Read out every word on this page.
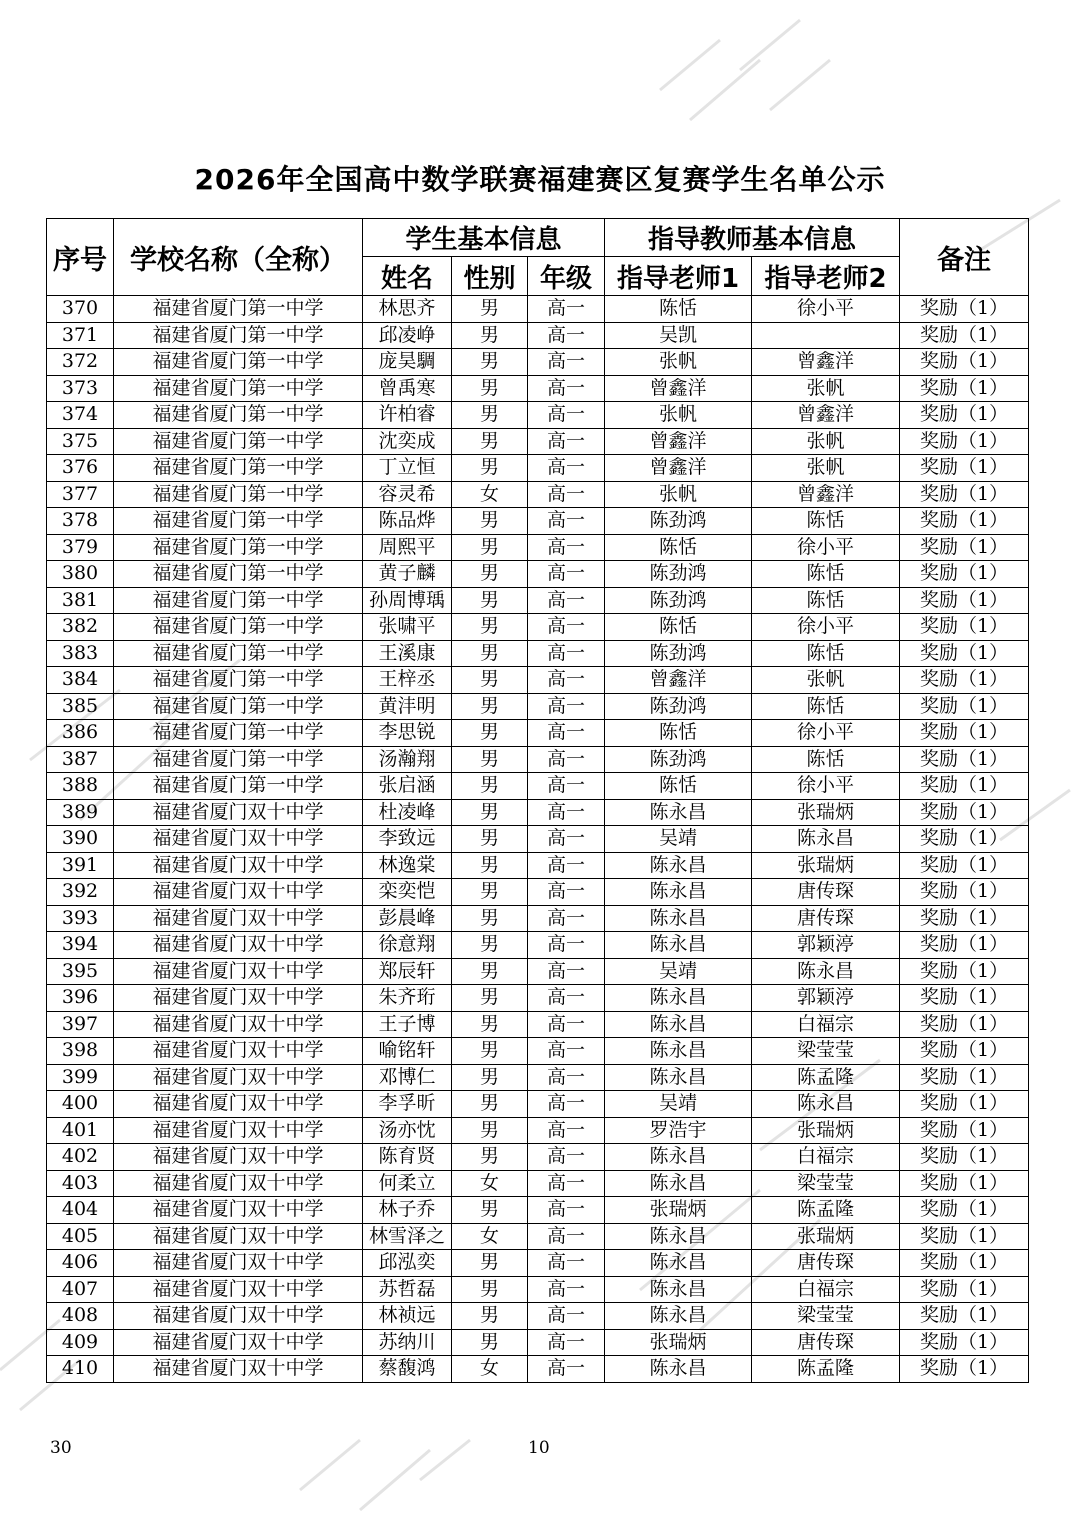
2026年全国高中数学联赛福建赛区复赛学生名单公示
序号	学校名称（全称）	学生基本信息			指导教师基本信息		备注
		姓名	性别	年级	指导老师1	指导老师2	
370	福建省厦门第一中学	林思齐	男	高一	陈恬	徐小平	奖励（1）
371	福建省厦门第一中学	邱凌峥	男	高一	吴凯		奖励（1）
372	福建省厦门第一中学	庞昊騆	男	高一	张帆	曾鑫洋	奖励（1）
373	福建省厦门第一中学	曾禹寒	男	高一	曾鑫洋	张帆	奖励（1）
374	福建省厦门第一中学	许柏睿	男	高一	张帆	曾鑫洋	奖励（1）
375	福建省厦门第一中学	沈奕成	男	高一	曾鑫洋	张帆	奖励（1）
376	福建省厦门第一中学	丁立恒	男	高一	曾鑫洋	张帆	奖励（1）
377	福建省厦门第一中学	容灵希	女	高一	张帆	曾鑫洋	奖励（1）
378	福建省厦门第一中学	陈品烨	男	高一	陈劲鸿	陈恬	奖励（1）
379	福建省厦门第一中学	周熙平	男	高一	陈恬	徐小平	奖励（1）
380	福建省厦门第一中学	黄子麟	男	高一	陈劲鸿	陈恬	奖励（1）
381	福建省厦门第一中学	孙周博瑀	男	高一	陈劲鸿	陈恬	奖励（1）
382	福建省厦门第一中学	张啸平	男	高一	陈恬	徐小平	奖励（1）
383	福建省厦门第一中学	王溪康	男	高一	陈劲鸿	陈恬	奖励（1）
384	福建省厦门第一中学	王梓丞	男	高一	曾鑫洋	张帆	奖励（1）
385	福建省厦门第一中学	黄沣明	男	高一	陈劲鸿	陈恬	奖励（1）
386	福建省厦门第一中学	李思锐	男	高一	陈恬	徐小平	奖励（1）
387	福建省厦门第一中学	汤瀚翔	男	高一	陈劲鸿	陈恬	奖励（1）
388	福建省厦门第一中学	张启涵	男	高一	陈恬	徐小平	奖励（1）
389	福建省厦门双十中学	杜凌峰	男	高一	陈永昌	张瑞炳	奖励（1）
390	福建省厦门双十中学	李致远	男	高一	吴靖	陈永昌	奖励（1）
391	福建省厦门双十中学	林逸棠	男	高一	陈永昌	张瑞炳	奖励（1）
392	福建省厦门双十中学	栾奕恺	男	高一	陈永昌	唐传琛	奖励（1）
393	福建省厦门双十中学	彭晨峰	男	高一	陈永昌	唐传琛	奖励（1）
394	福建省厦门双十中学	徐意翔	男	高一	陈永昌	郭颖渟	奖励（1）
395	福建省厦门双十中学	郑辰轩	男	高一	吴靖	陈永昌	奖励（1）
396	福建省厦门双十中学	朱齐珩	男	高一	陈永昌	郭颖渟	奖励（1）
397	福建省厦门双十中学	王子博	男	高一	陈永昌	白福宗	奖励（1）
398	福建省厦门双十中学	喻铭轩	男	高一	陈永昌	梁莹莹	奖励（1）
399	福建省厦门双十中学	邓博仁	男	高一	陈永昌	陈孟隆	奖励（1）
400	福建省厦门双十中学	李孚昕	男	高一	吴靖	陈永昌	奖励（1）
401	福建省厦门双十中学	汤亦忱	男	高一	罗浩宇	张瑞炳	奖励（1）
402	福建省厦门双十中学	陈育贤	男	高一	陈永昌	白福宗	奖励（1）
403	福建省厦门双十中学	何柔立	女	高一	陈永昌	梁莹莹	奖励（1）
404	福建省厦门双十中学	林子乔	男	高一	张瑞炳	陈孟隆	奖励（1）
405	福建省厦门双十中学	林雪泽之	女	高一	陈永昌	张瑞炳	奖励（1）
406	福建省厦门双十中学	邱泓奕	男	高一	陈永昌	唐传琛	奖励（1）
407	福建省厦门双十中学	苏哲磊	男	高一	陈永昌	白福宗	奖励（1）
408	福建省厦门双十中学	林祯远	男	高一	陈永昌	梁莹莹	奖励（1）
409	福建省厦门双十中学	苏纳川	男	高一	张瑞炳	唐传琛	奖励（1）
410	福建省厦门双十中学	蔡馥鸿	女	高一	陈永昌	陈孟隆	奖励（1）
30	10
